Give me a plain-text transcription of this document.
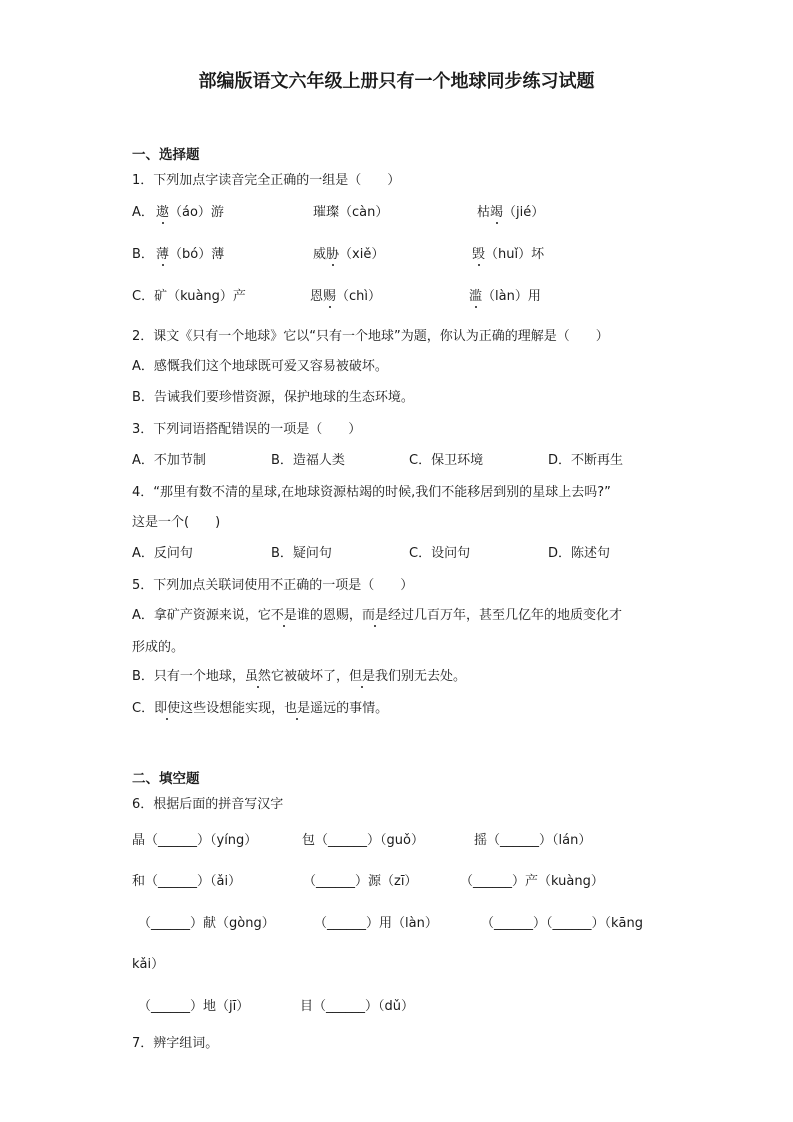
部编版语文六年级上册只有一个地球同步练习试题
一、选择题
1．下列加点字读音完全正确的一组是（　　）
A． 遨（áo）游	璀璨（càn）	枯竭（jié）
B． 薄（bó）薄	威胁（xiě）	毁（huǐ）坏
C．矿（kuàng）产	恩赐（chì）	滥（làn）用
2．课文《只有一个地球》它以“只有一个地球”为题，你认为正确的理解是（　　）
A．感慨我们这个地球既可爱又容易被破坏。
B．告诫我们要珍惜资源，保护地球的生态环境。
3．下列词语搭配错误的一项是（　　）
A．不加节制	B．造福人类	C．保卫环境	D．不断再生
4．“那里有数不清的星球,在地球资源枯竭的时候,我们不能移居到别的星球上去吗?”
这是一个(　　)
A．反问句	B．疑问句	C．设问句	D．陈述句
5．下列加点关联词使用不正确的一项是（　　）
A．拿矿产资源来说，它不是谁的恩赐，而是经过几百万年，甚至几亿年的地质变化才
形成的。
B．只有一个地球，虽然它被破坏了，但是我们别无去处。
C．即使这些设想能实现，也是遥远的事情。
二、填空题
6．根据后面的拼音写汉字
晶（______）（yíng）	包（______）（guǒ）	摇（______）（lán）
和（______）（ǎi）	（______）源（zī）	（______）产（kuàng）
（______）献（gòng）	（______）用（làn）	（______）（______）（kāng
kǎi）
（______）地（jī）	目（______）（dǔ）
7．辨字组词。
